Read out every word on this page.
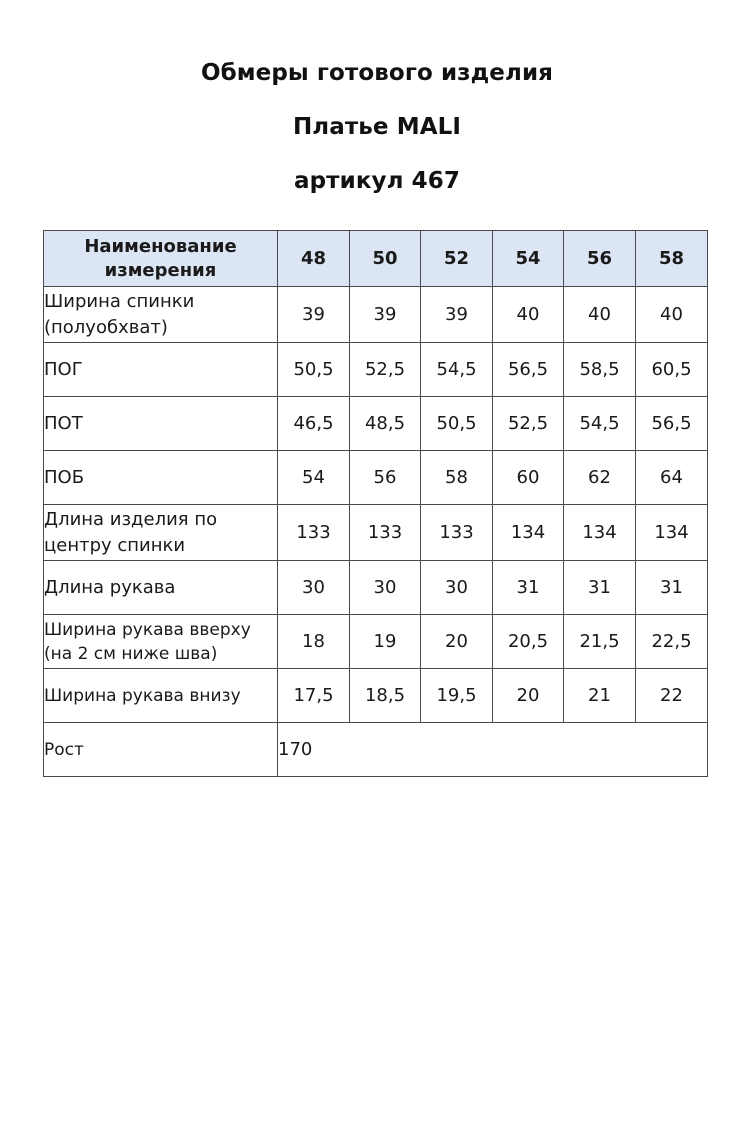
Обмеры готового изделия
Платье MALI
артикул 467
Наименование измерения	48	50	52	54	56	58
Ширина спинки (полуобхват)	39	39	39	40	40	40
ПОГ	50,5	52,5	54,5	56,5	58,5	60,5
ПОТ	46,5	48,5	50,5	52,5	54,5	56,5
ПОБ	54	56	58	60	62	64
Длина изделия по центру спинки	133	133	133	134	134	134
Длина рукава	30	30	30	31	31	31
Ширина рукава вверху (на 2 см ниже шва)	18	19	20	20,5	21,5	22,5
Ширина рукава внизу	17,5	18,5	19,5	20	21	22
Рост	170					
